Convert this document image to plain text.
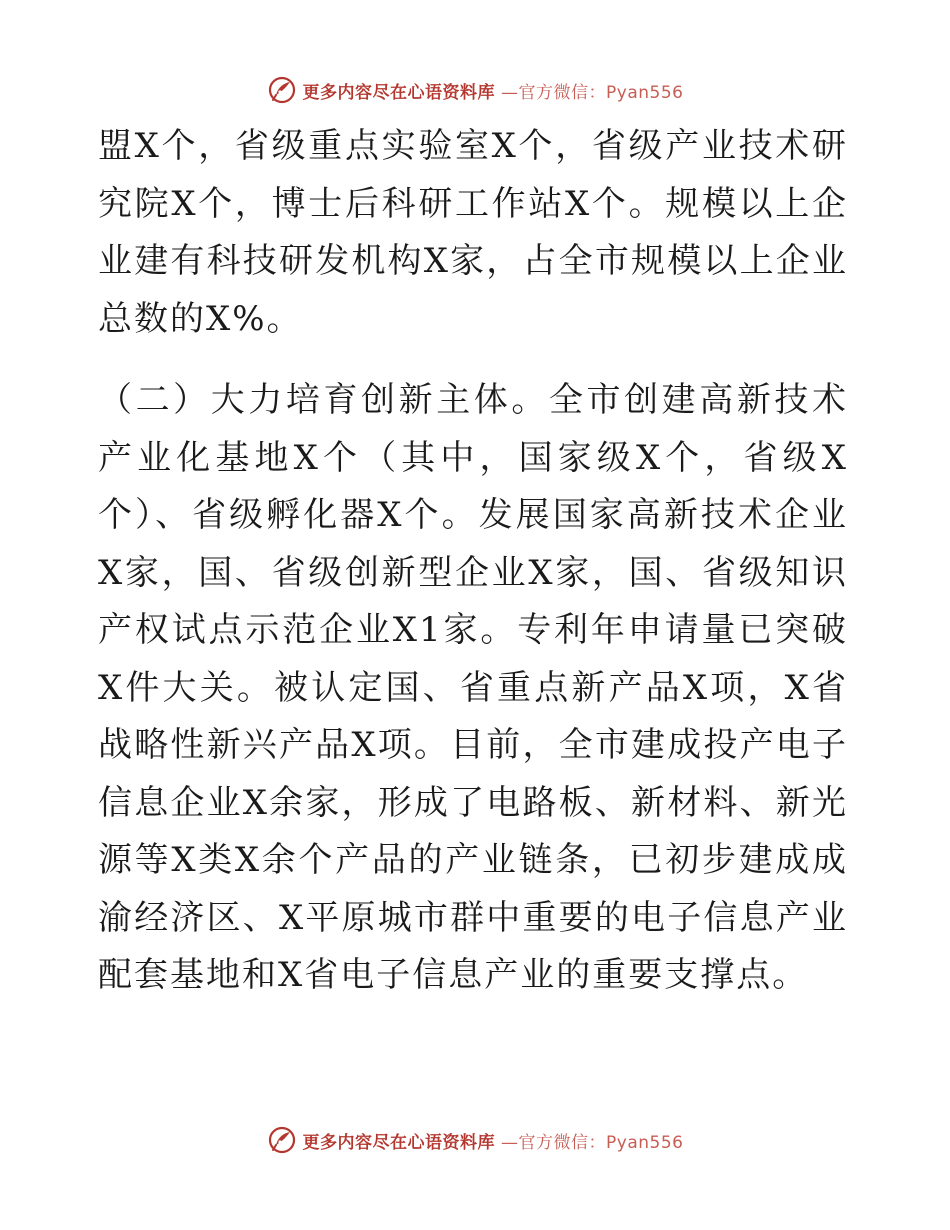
更多内容尽在心语资料库 —官方微信：Pyan556

盟X个，省级重点实验室X个，省级产业技术研究院X个，博士后科研工作站X个。规模以上企业建有科技研发机构X家，占全市规模以上企业总数的X%。

（二）大力培育创新主体。全市创建高新技术产业化基地X个（其中，国家级X个，省级X个）、省级孵化器X个。发展国家高新技术企业X家，国、省级创新型企业X家，国、省级知识产权试点示范企业X1家。专利年申请量已突破X件大关。被认定国、省重点新产品X项，X省战略性新兴产品X项。目前，全市建成投产电子信息企业X余家，形成了电路板、新材料、新光源等X类X余个产品的产业链条，已初步建成成渝经济区、X平原城市群中重要的电子信息产业配套基地和X省电子信息产业的重要支撑点。

更多内容尽在心语资料库 —官方微信：Pyan556
